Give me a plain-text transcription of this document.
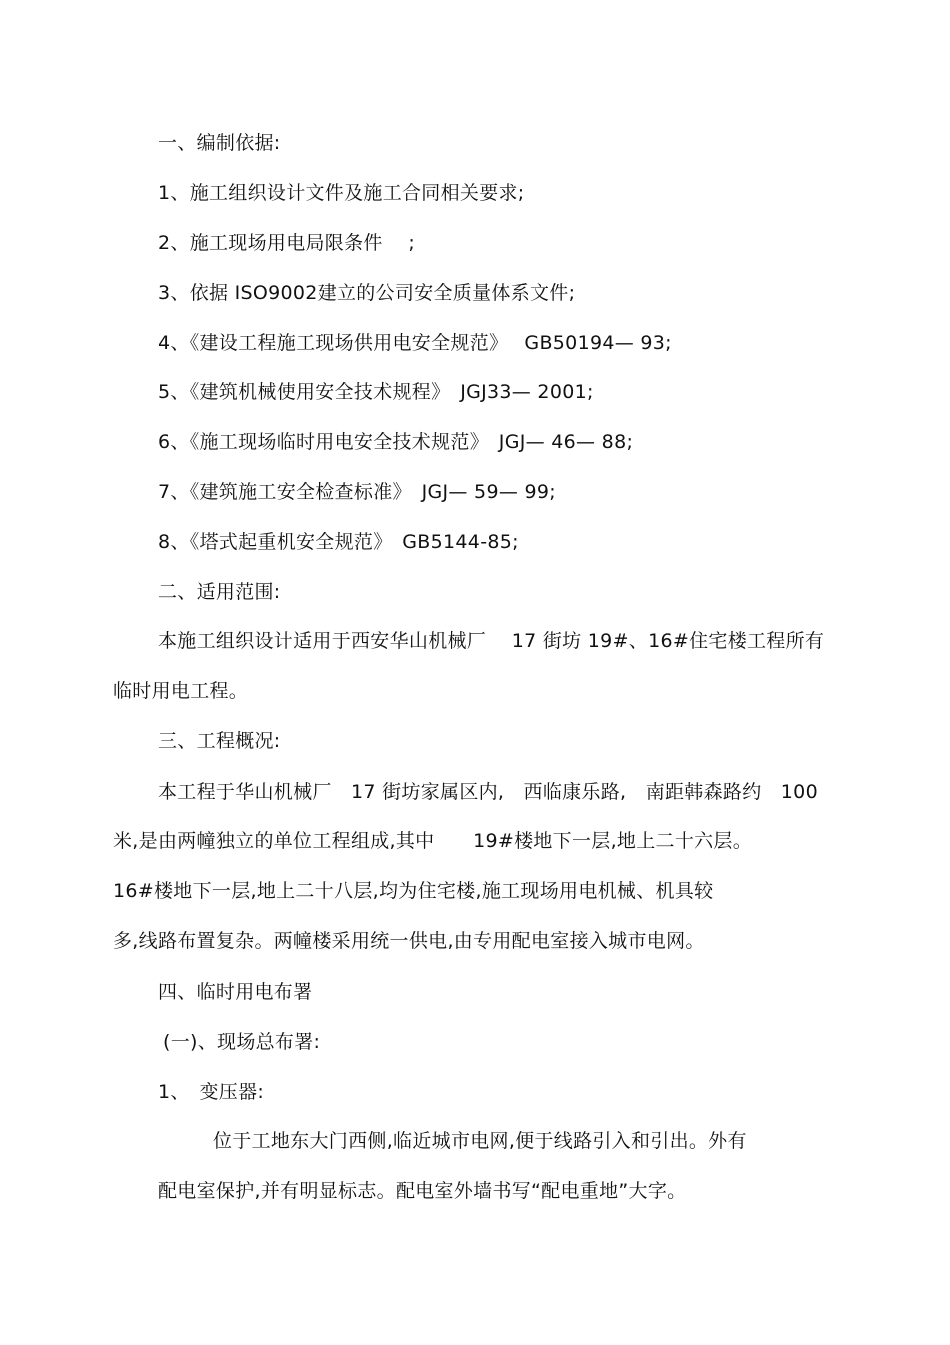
一、编制依据:
1、施工组织设计文件及施工合同相关要求;
2、施工现场用电局限条件　 ;
3、依据 ISO9002建立的公司安全质量体系文件;
4、《建设工程施工现场供用电安全规范》　 GB50194— 93;
5、《建筑机械使用安全技术规程》　JGJ33— 2001;
6、《施工现场临时用电安全技术规范》　JGJ— 46— 88;
7、《建筑施工安全检查标准》　JGJ— 59— 99;
8、《塔式起重机安全规范》　GB5144-85;
二、适用范围:
本施工组织设计适用于西安华山机械厂　 17 街坊 19#、16#住宅楼工程所有
临时用电工程。
三、工程概况:
本工程于华山机械厂　17 街坊家属区内,　西临康乐路,　南距韩森路约　100
米,是由两幢独立的单位工程组成,其中　　19#楼地下一层,地上二十六层。
16#楼地下一层,地上二十八层,均为住宅楼,施工现场用电机械、机具较
多,线路布置复杂。两幢楼采用统一供电,由专用配电室接入城市电网。
四、临时用电布署
(一)、现场总布署:
1、　变压器:
位于工地东大门西侧,临近城市电网,便于线路引入和引出。外有
配电室保护,并有明显标志。配电室外墙书写“配电重地”大字。
